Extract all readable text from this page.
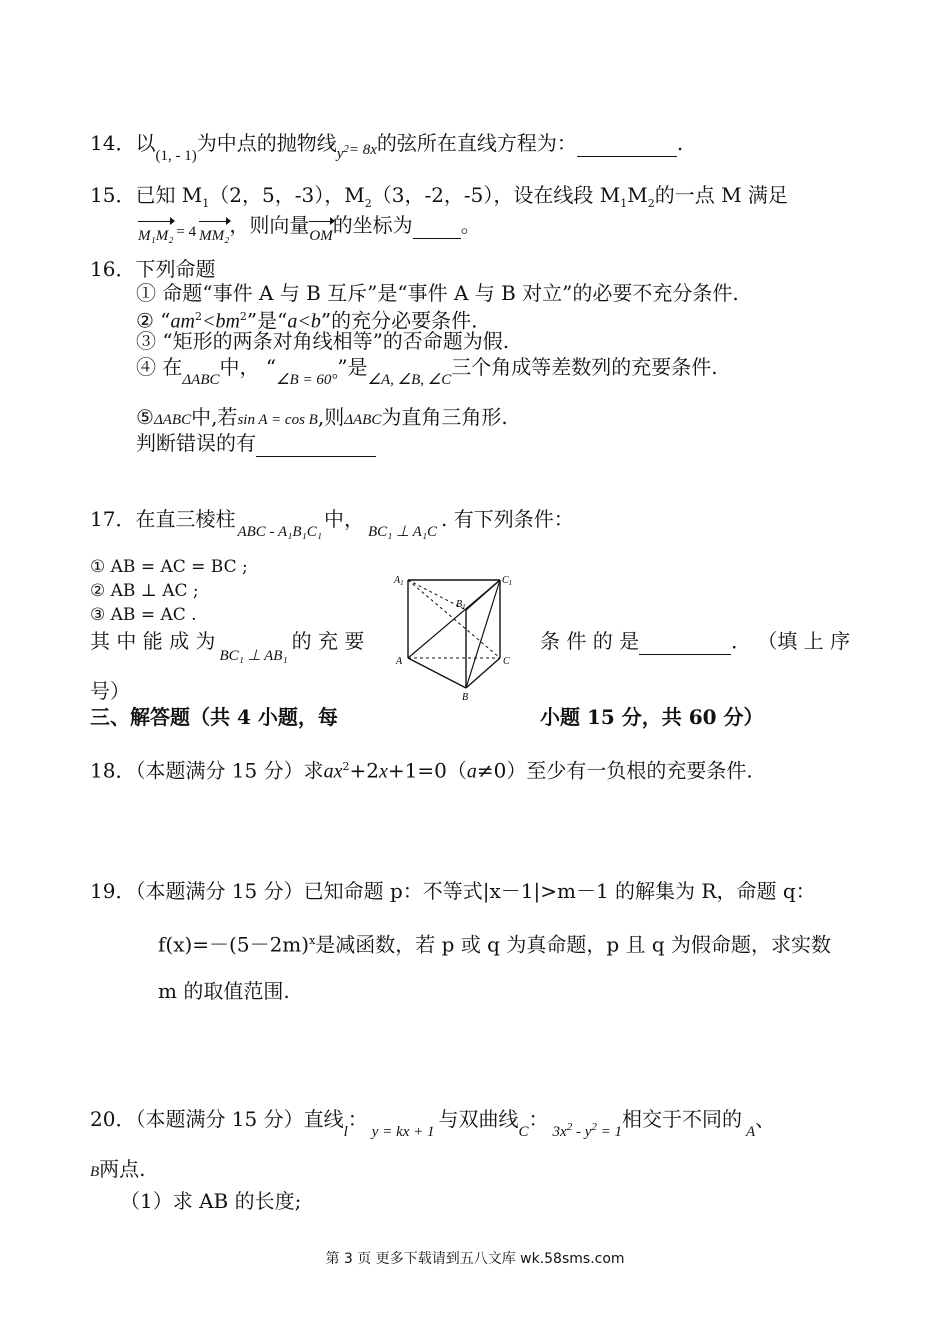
14．以$_{(1, - 1)}$为中点的抛物线$_{y^2= 8x}$的弦所在直线方程为：	.
15．已知 $M_1(2$，5，-3），$M_2(3$，-2，-5），设在线段 $M_1M_2$的一点 M 满足
M₁M₂ $_{= 4}$ MM₂，则向量OM的坐标为 。
16．下列命题
① 命题“事件 A 与 B 互斥”是“事件 A 与 B 对立”的必要不充分条件.
② “$am^2<bm^2$”是“a<b”的充分必要条件.
③ “矩形的两条对角线相等”的否命题为假.
④ 在$_{\Delta ABC}$中， “$_{\angle B = 60^\circ}$”是$_{\angle A, \angle B, \angle C}$三个角成等差数列的充要条件.
⑤ΔABC中,若sin A = cos B,则ΔABC为直角三角形.
判断错误的有
17．在直三棱柱$_{ABC - A_1B_1C_1}$中，$_{BC_1 \perp A_1C}$. 有下列条件：
① AB = AC = BC ;
② AB ⊥ AC ;
③ AB = AC .
其 中 能 成 为$_{BC_1 \perp AB_1}$的 充 要	条 件 的 是	． （填 上 序
号）
$A_1$	$C_1$
$B_1$
A	C
B
三、解答题（共 4 小题，每	小题 15 分，共 60 分）
18．（本题满分 15 分）求$ax^2+2x+1=0(a\ne 0)$至少有一负根的充要条件.
19．（本题满分 15 分）已知命题 p：不等式|x－1|>m－1 的解集为 R，命题 q：
$f(x)=-(5-2m)^x$是减函数，若 p 或 q 为真命题，p 且 q 为假命题，求实数
m 的取值范围.
20．（本题满分 15 分）直线$_l$：$_{y = kx + 1}$与双曲线$_C$：$_{3x^2 - y^2 = 1}$相交于不同的$_A$、
B两点.
（1）求 AB 的长度;
第 3 页 更多下载请到五八文库 wk.58sms.com
